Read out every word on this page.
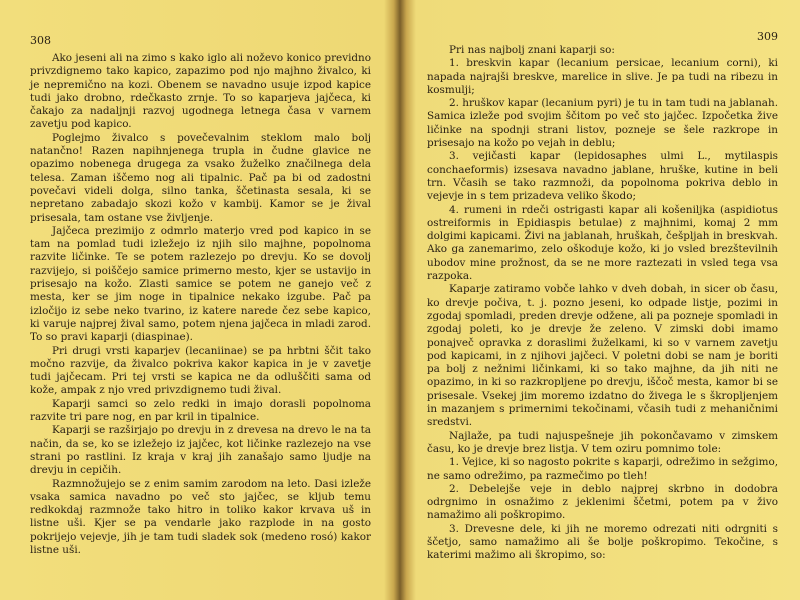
308

Ako jeseni ali na zimo s kako iglo ali noževo konico previdno privzdignemo tako kapico, zapazimo pod njo majhno živalco, ki je nepremično na kozi. Obenem se navadno usuje izpod kapice tudi jako drobno, rdečkasto zrnje. To so kaparjeva jajčeca, ki čakajo za nadaljnji razvoj ugodnega letnega časa v varnem zavetju pod kapico.

Poglejmo živalco s povečevalnim steklom malo bolj natančno! Razen napihnjenega trupla in čudne glavice ne opazimo nobenega drugega za vsako žuželko značilnega dela telesa. Zaman iščemo nog ali tipalnic. Pač pa bi od zadostni povečavi videli dolga, silno tanka, ščetinasta sesala, ki se nepretano zabadajo skozi kožo v kambij. Kamor se je žival prisesala, tam ostane vse življenje.

Jajčeca prezimijo z odmrlo materjo vred pod kapico in se tam na pomlad tudi izležejo iz njih silo majhne, popolnoma razvite ličinke. Te se potem razlezejo po drevju. Ko se dovolj razvijejo, si poiščejo samice primerno mesto, kjer se ustavijo in prisesajo na kožo. Zlasti samice se potem ne ganejo več z mesta, ker se jim noge in tipalnice nekako izgube. Pač pa izločijo iz sebe neko tvarino, iz katere narede čez sebe kapico, ki varuje najprej žival samo, potem njena jajčeca in mladi zarod. To so pravi kaparji (diaspinae).

Pri drugi vrsti kaparjev (lecaniinae) se pa hrbtni ščit tako močno razvije, da živalco pokriva kakor kapica in je v zavetje tudi jajčecam. Pri tej vrsti se kapica ne da odluščiti sama od kože, ampak z njo vred privzdignemo tudi žival.

Kaparji samci so zelo redki in imajo dorasli popolnoma razvite tri pare nog, en par kril in tipalnice.

Kaparji se razširjajo po drevju in z drevesa na drevo le na ta način, da se, ko se izležejo iz jajčec, kot ličinke razlezejo na vse strani po rastlini. Iz kraja v kraj jih zanašajo samo ljudje na drevju in cepičih.

Razmnožujejo se z enim samim zarodom na leto. Dasi izleže vsaka samica navadno po več sto jajčec, se kljub temu redkokdaj razmnože tako hitro in toliko kakor krvava uš in listne uši. Kjer se pa vendarle jako razplode in na gosto pokrijejo vejevje, jih je tam tudi sladek sok (medeno rosó) kakor listne uši.

309

Pri nas najbolj znani kaparji so:

1. breskvin kapar (lecanium persicae, lecanium corni), ki napada najrajši breskve, marelice in slive. Je pa tudi na ribezu in kosmulji;

2. hruškov kapar (lecanium pyri) je tu in tam tudi na jablanah. Samica izleže pod svojim ščitom po več sto jajčec. Izpočetka žive ličinke na spodnji strani listov, pozneje se šele razkrope in prisesajo na kožo po vejah in deblu;

3. vejičasti kapar (lepidosaphes ulmi L., mytilaspis conchaeformis) izsesava navadno jablane, hruške, kutine in beli trn. Včasih se tako razmnoži, da popolnoma pokriva deblo in vejevje in s tem prizadeva veliko škodo;

4. rumeni in rdeči ostrigasti kapar ali košeniljka (aspidiotus ostreiformis in Epidiaspis betulae) z majhnimi, komaj 2 mm dolgimi kapicami. Živi na jablanah, hruškah, češpljah in breskvah. Ako ga zanemarimo, zelo oškoduje kožo, ki jo vsled brezštevilnih ubodov mine prožnost, da se ne more raztezati in vsled tega vsa razpoka.

Kaparje zatiramo vobče lahko v dveh dobah, in sicer ob času, ko drevje počiva, t. j. pozno jeseni, ko odpade listje, pozimi in zgodaj spomladi, preden drevje odžene, ali pa pozneje spomladi in zgodaj poleti, ko je drevje že zeleno. V zimski dobi imamo ponajveč opravka z doraslimi žuželkami, ki so v varnem zavetju pod kapicami, in z njihovi jajčeci. V poletni dobi se nam je boriti pa bolj z nežnimi ličinkami, ki so tako majhne, da jih niti ne opazimo, in ki so razkropljene po drevju, iščoč mesta, kamor bi se prisesale. Vsekej jim moremo izdatno do živega le s škropljenjem in mazanjem s primernimi tekočinami, včasih tudi z mehaničnimi sredstvi.

Najlaže, pa tudi najuspešneje jih pokončavamo v zimskem času, ko je drevje brez listja. V tem oziru pomnimo tole:

1. Vejice, ki so nagosto pokrite s kaparji, odrežimo in sežgimo, ne samo odrežimo, pa razmečimo po tleh!

2. Debelejše veje in deblo najprej skrbno in dodobra odrgnimo in osnažimo z jeklenimi ščetmi, potem pa v živo namažimo ali poškropimo.

3. Drevesne dele, ki jih ne moremo odrezati niti odrgniti s ščetjo, samo namažimo ali še bolje poškropimo. Tekočine, s katerimi mažimo ali škropimo, so:
